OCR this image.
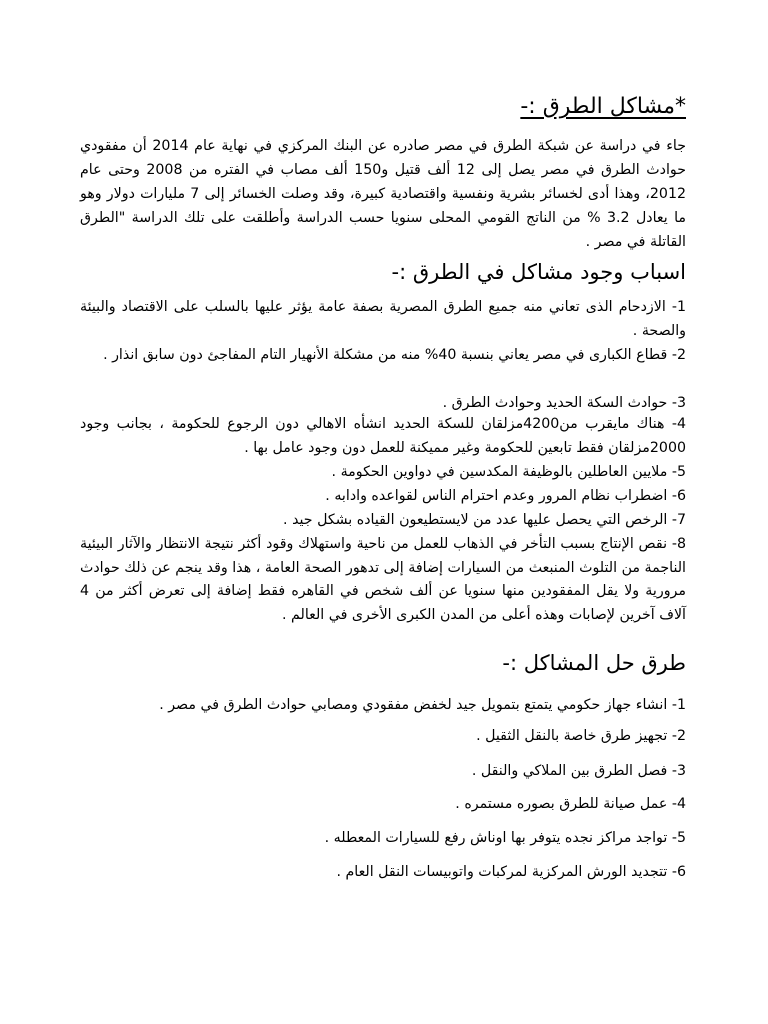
*مشاكل الطرق :-
جاء في دراسة عن شبكة الطرق في مصر صادره عن البنك المركزي في نهاية عام 2014 أن مفقودي حوادث الطرق في مصر يصل إلى 12 ألف قتيل و150 ألف مصاب في الفتره من 2008 وحتى عام 2012، وهذا أدى لخسائر بشرية ونفسية واقتصادية كبيرة، وقد وصلت الخسائر إلى 7 مليارات دولار وهو ما يعادل 3.2 % من الناتج القومي المحلى سنويا حسب الدراسة وأطلقت على تلك الدراسة "الطرق القاتلة في مصر .
اسباب وجود مشاكل في الطرق :-
1- الازدحام الذى تعاني منه جميع الطرق المصرية بصفة عامة يؤثر عليها بالسلب على الاقتصاد والبيئة والصحة .
2- قطاع الكبارى في مصر يعاني بنسبة 40% منه من مشكلة الأنهيار التام المفاجئ دون سابق انذار .
3- حوادث السكة الحديد وحوادث الطرق .
4- هناك مايقرب من4200مزلقان للسكة الحديد انشأه الاهالي دون الرجوع للحكومة ، بجانب وجود 2000مزلقان فقط تابعين للحكومة وغير مميكنة للعمل دون وجود عامل بها .
5- ملايين العاطلين بالوظيفة المكدسين في دواوين الحكومة .
6- اضطراب نظام المرور وعدم احترام الناس لقواعده وادابه .
7- الرخص التي يحصل عليها عدد من لايستطيعون القياده بشكل جيد .
8- نقص الإنتاج بسبب التأخر في الذهاب للعمل من ناحية واستهلاك وقود أكثر نتيجة الانتظار والآثار البيئية الناجمة من التلوث المنبعث من السيارات إضافة إلى تدهور الصحة العامة ، هذا وقد ينجم عن ذلك حوادث مرورية ولا يقل المفقودين منها سنويا عن ألف شخص في القاهره فقط إضافة إلى تعرض أكثر من 4 آلاف آخرين لإصابات وهذه أعلى من المدن الكبرى الأخرى في العالم .
طرق حل المشاكل :-
1- انشاء جهاز حكومي يتمتع بتمويل جيد لخفض مفقودي ومصابي حوادث الطرق في مصر .
2- تجهيز طرق خاصة بالنقل الثقيل .
3- فصل الطرق بين الملاكي والنقل .
4- عمل صيانة للطرق بصوره مستمره .
5- تواجد مراكز نجده يتوفر بها اوناش رفع للسيارات المعطله .
6- تتجديد الورش المركزية لمركبات واتوبيسات النقل العام .
